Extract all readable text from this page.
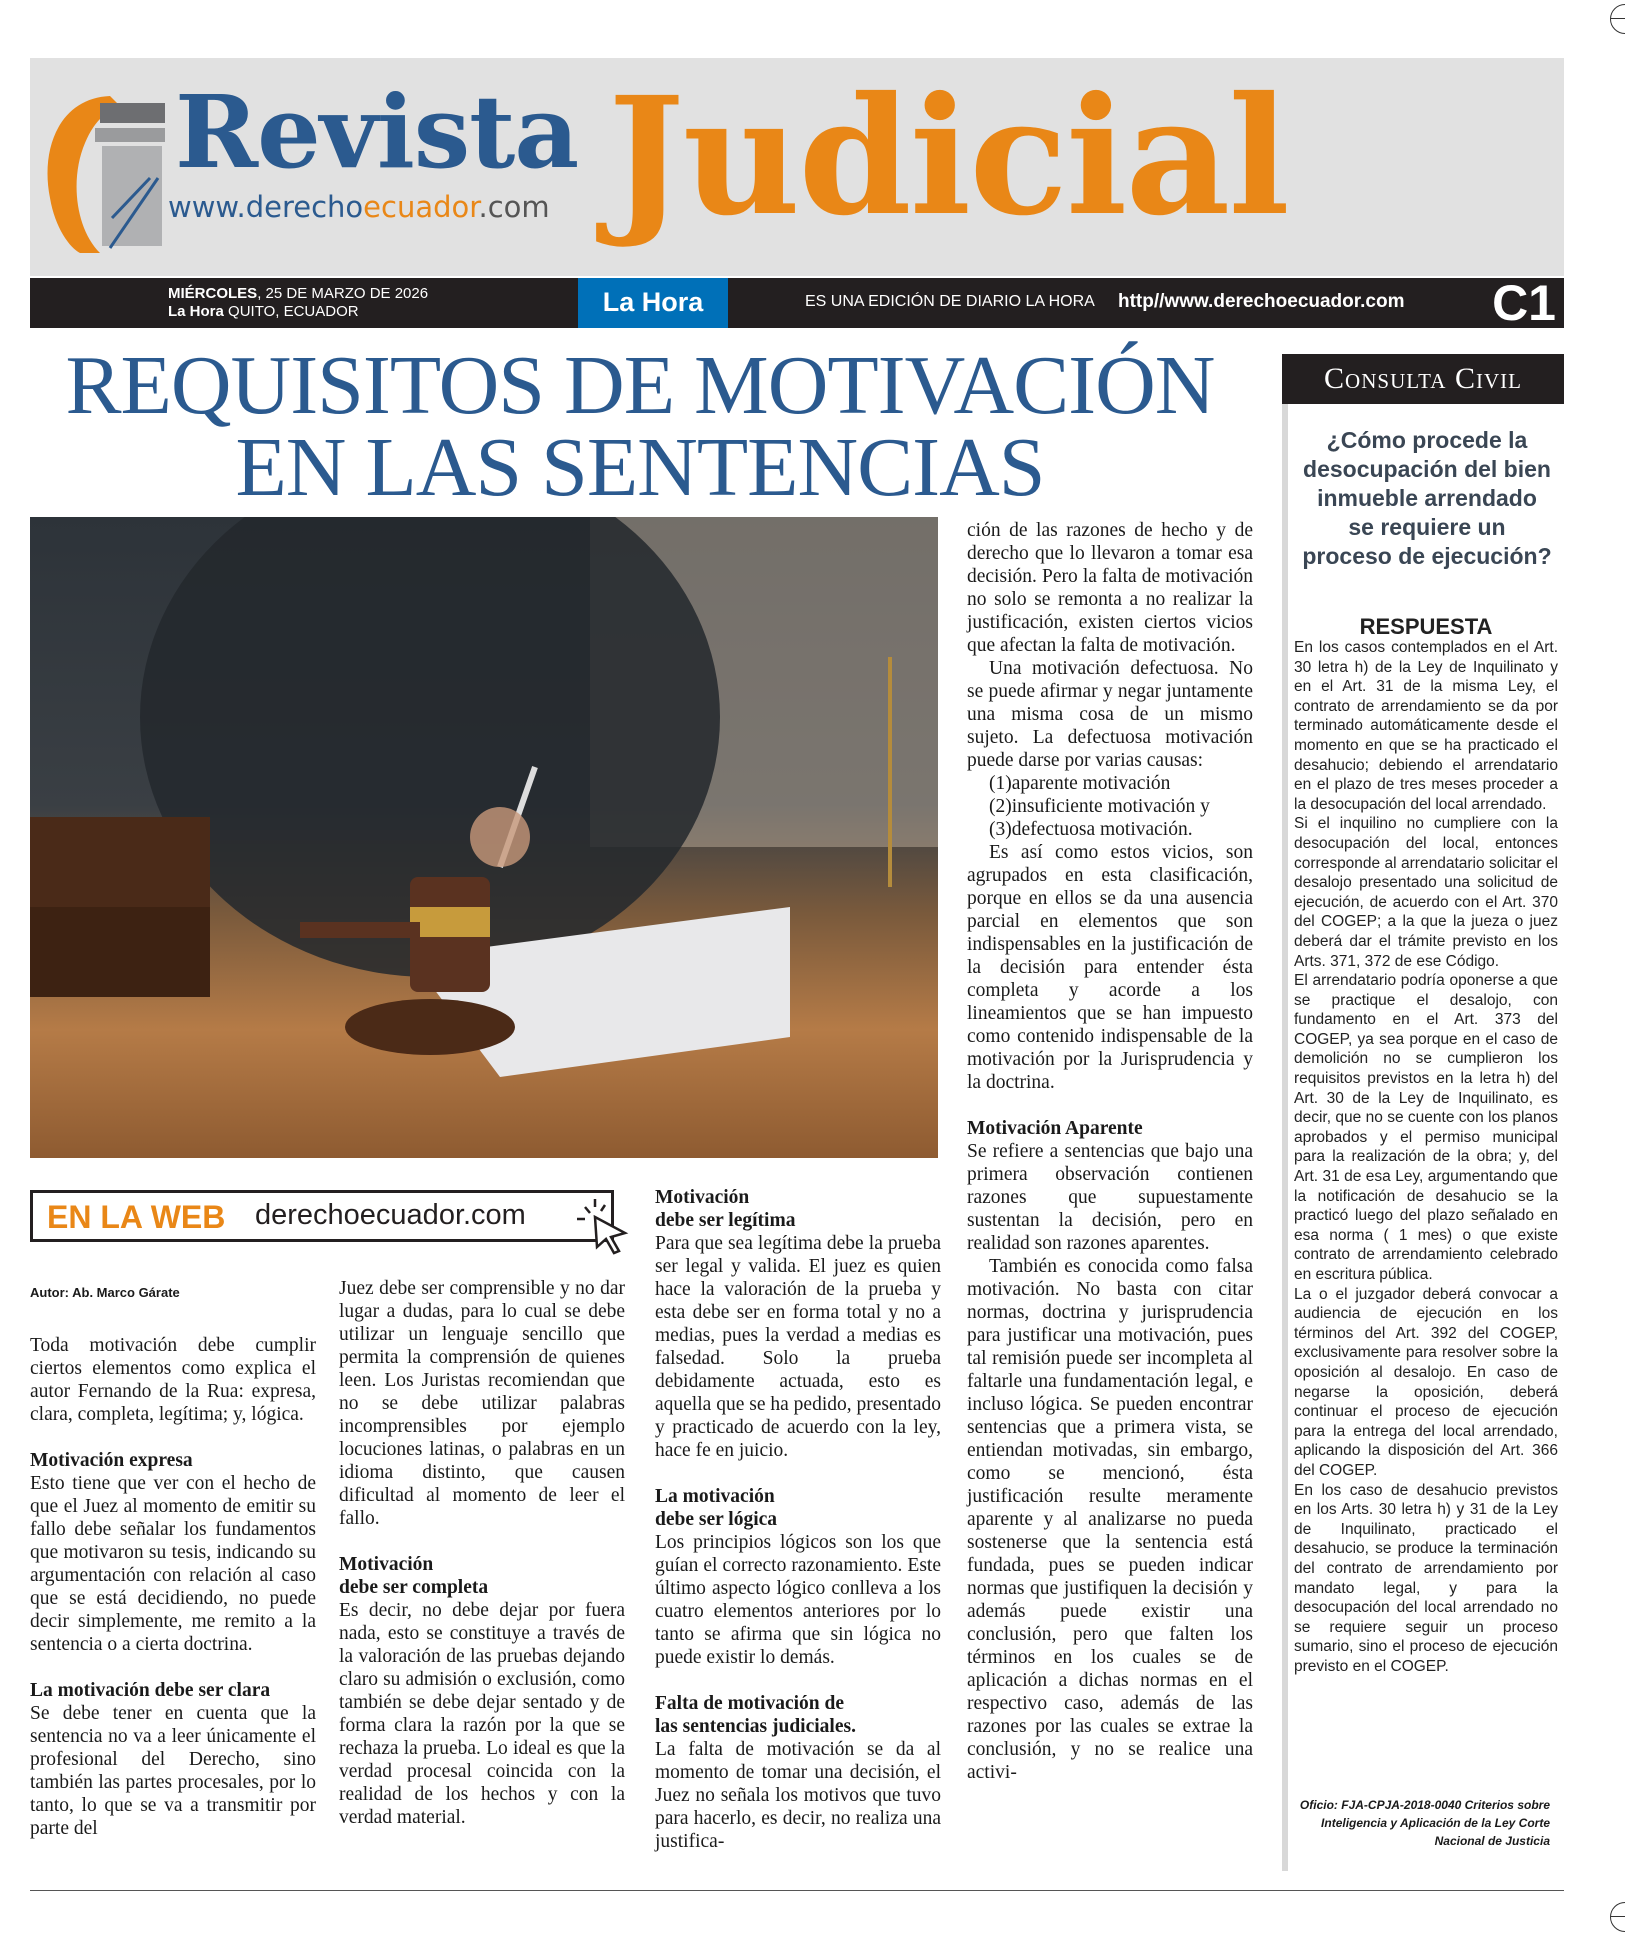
Revista
www.derechoecuador.com Judicial
MIÉRCOLES, 25 DE MARZO DE 2026
La Hora QUITO, ECUADOR	La Hora	ES UNA EDICIÓN DE DIARIO LA HORA http//www.derechoecuador.com C1
REQUISITOS DE MOTIVACIÓN
EN LAS SENTENCIAS
EN LA WEB derechoecuador.com

Autor: Ab. Marco Gárate

Toda motivación debe cumplir ciertos elementos como explica el autor Fernando de la Rua: expresa, clara, completa, legítima; y, lógica.

Motivación expresa

Esto tiene que ver con el hecho de que el Juez al momento de emitir su fallo debe señalar los fundamentos que motivaron su tesis, indicando su argumentación con relación al caso que se está decidiendo, no puede decir simplemente, me remito a la sentencia o a cierta doctrina.

La motivación debe ser clara

Se debe tener en cuenta que la sentencia no va a leer únicamente el profesional del Derecho, sino también las partes procesales, por lo tanto, lo que se va a transmitir por parte del

Juez debe ser comprensible y no dar lugar a dudas, para lo cual se debe utilizar un lenguaje sencillo que permita la comprensión de quienes leen. Los Juristas recomiendan que no se debe utilizar palabras incomprensibles por ejemplo locuciones latinas, o palabras en un idioma distinto, que causen dificultad al momento de leer el fallo.

Motivación
debe ser completa

Es decir, no debe dejar por fuera nada, esto se constituye a través de la valoración de las pruebas dejando claro su admisión o exclusión, como también se debe dejar sentado y de forma clara la razón por la que se rechaza la prueba. Lo ideal es que la verdad procesal coincida con la realidad de los hechos y con la verdad material.

Motivación
debe ser legítima

Para que sea legítima debe la prueba ser legal y valida. El juez es quien hace la valoración de la prueba y esta debe ser en forma total y no a medias, pues la verdad a medias es falsedad. Solo la prueba debidamente actuada, esto es aquella que se ha pedido, presentado y practicado de acuerdo con la ley, hace fe en juicio.

La motivación
debe ser lógica

Los principios lógicos son los que guían el correcto razonamiento. Este último aspecto lógico conlleva a los cuatro elementos anteriores por lo tanto se afirma que sin lógica no puede existir lo demás.

Falta de motivación de
las sentencias judiciales.

La falta de motivación se da al momento de tomar una decisión, el Juez no señala los motivos que tuvo para hacerlo, es decir, no realiza una justifica-

ción de las razones de hecho y de derecho que lo llevaron a tomar esa decisión. Pero la falta de motivación no solo se remonta a no realizar la justificación, existen ciertos vicios que afectan la falta de motivación.

Una motivación defectuosa. No se puede afirmar y negar juntamente una misma cosa de un mismo sujeto. La defectuosa motivación puede darse por varias causas:

(1)aparente motivación

(2)insuficiente motivación y

(3)defectuosa motivación.

Es así como estos vicios, son agrupados en esta clasificación, porque en ellos se da una ausencia parcial en elementos que son indispensables en la justificación de la decisión para entender ésta completa y acorde a los lineamientos que se han impuesto como contenido indispensable de la motivación por la Jurisprudencia y la doctrina.

Motivación Aparente

Se refiere a sentencias que bajo una primera observación contienen razones que supuestamente sustentan la decisión, pero en realidad son razones aparentes.

También es conocida como falsa motivación. No basta con citar normas, doctrina y jurisprudencia para justificar una motivación, pues tal remisión puede ser incompleta al faltarle una fundamentación legal, e incluso lógica. Se pueden encontrar sentencias que a primera vista, se entiendan motivadas, sin embargo, como se mencionó, ésta justificación resulte meramente aparente y al analizarse no pueda sostenerse que la sentencia está fundada, pues se pueden indicar normas que justifiquen la decisión y además puede existir una conclusión, pero que falten los términos en los cuales se de aplicación a dichas normas en el respectivo caso, además de las razones por las cuales se extrae la conclusión, y no se realice una activi-

Consulta Civil
¿Cómo procede la desocupación del bien inmueble arrendado se requiere un proceso de ejecución?
RESPUESTA

En los casos contemplados en el Art. 30 letra h) de la Ley de Inquilinato y en el Art. 31 de la misma Ley, el contrato de arrendamiento se da por terminado automáticamente desde el momento en que se ha practicado el desahucio; debiendo el arrendatario en el plazo de tres meses proceder a la desocupación del local arrendado.

Si el inquilino no cumpliere con la desocupación del local, entonces corresponde al arrendatario solicitar el desalojo presentado una solicitud de ejecución, de acuerdo con el Art. 370 del COGEP; a la que la jueza o juez deberá dar el trámite previsto en los Arts. 371, 372 de ese Código.

El arrendatario podría oponerse a que se practique el desalojo, con fundamento en el Art. 373 del COGEP, ya sea porque en el caso de demolición no se cumplieron los requisitos previstos en la letra h) del Art. 30 de la Ley de Inquilinato, es decir, que no se cuente con los planos aprobados y el permiso municipal para la realización de la obra; y, del Art. 31 de esa Ley, argumentando que la notificación de desahucio se la practicó luego del plazo señalado en esa norma ( 1 mes) o que existe contrato de arrendamiento celebrado en escritura pública.

La o el juzgador deberá convocar a audiencia de ejecución en los términos del Art. 392 del COGEP, exclusivamente para resolver sobre la oposición al desalojo. En caso de negarse la oposición, deberá continuar el proceso de ejecución para la entrega del local arrendado, aplicando la disposición del Art. 366 del COGEP.

En los caso de desahucio previstos en los Arts. 30 letra h) y 31 de la Ley de Inquilinato, practicado el desahucio, se produce la terminación del contrato de arrendamiento por mandato legal, y para la desocupación del local arrendado no se requiere seguir un proceso sumario, sino el proceso de ejecución previsto en el COGEP.

Oficio: FJA-CPJA-2018-0040 Criterios sobre Inteligencia y Aplicación de la Ley Corte Nacional de Justicia
